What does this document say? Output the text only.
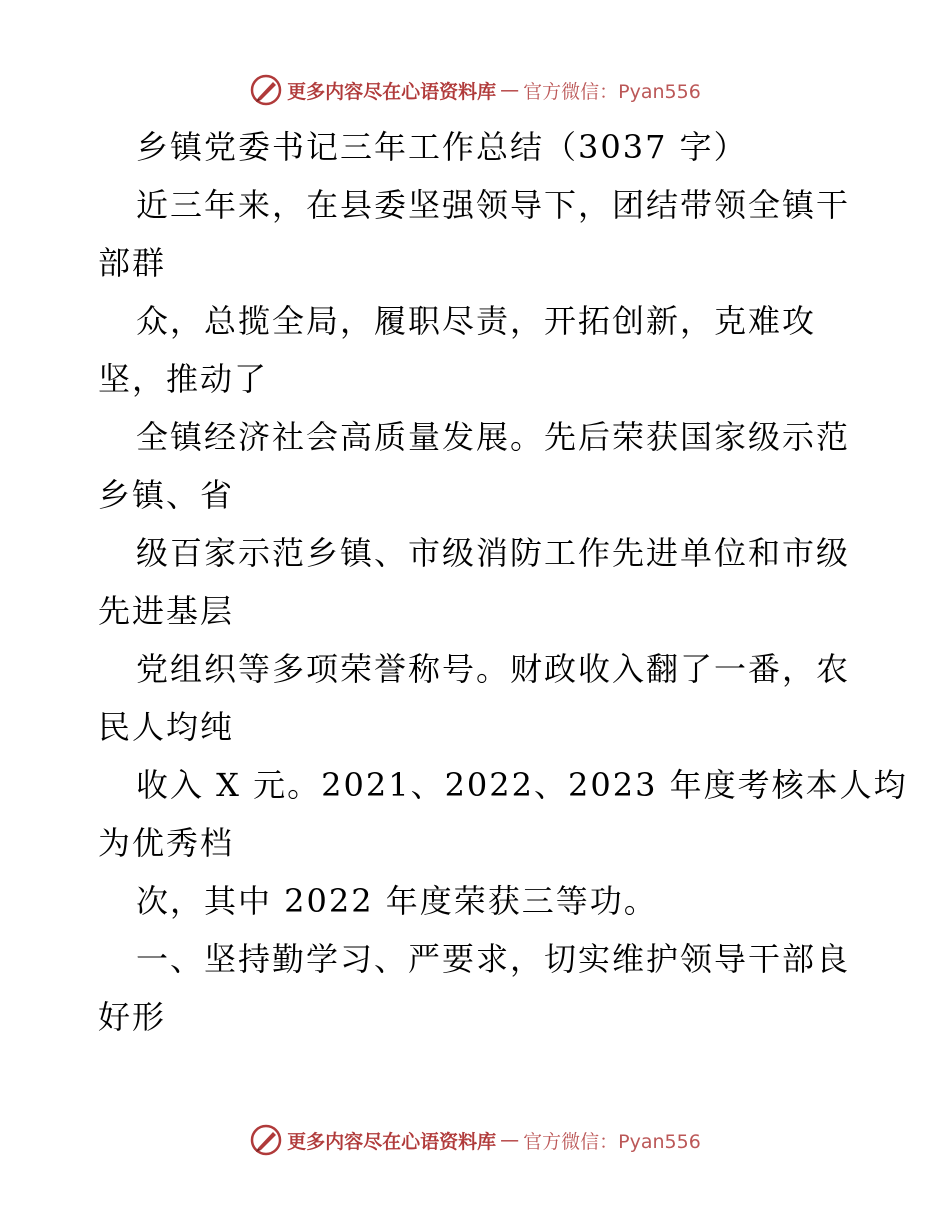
更多内容尽在心语资料库 — 官方微信：Pyan556
乡镇党委书记三年工作总结（3037 字）
近三年来，在县委坚强领导下，团结带领全镇干
部群
众，总揽全局，履职尽责，开拓创新，克难攻
坚，推动了
全镇经济社会高质量发展。先后荣获国家级示范
乡镇、省
级百家示范乡镇、市级消防工作先进单位和市级
先进基层
党组织等多项荣誉称号。财政收入翻了一番，农
民人均纯
收入 X 元。2021、2022、2023 年度考核本人均
为优秀档
次，其中 2022 年度荣获三等功。
一、坚持勤学习、严要求，切实维护领导干部良
好形
更多内容尽在心语资料库 — 官方微信：Pyan556
